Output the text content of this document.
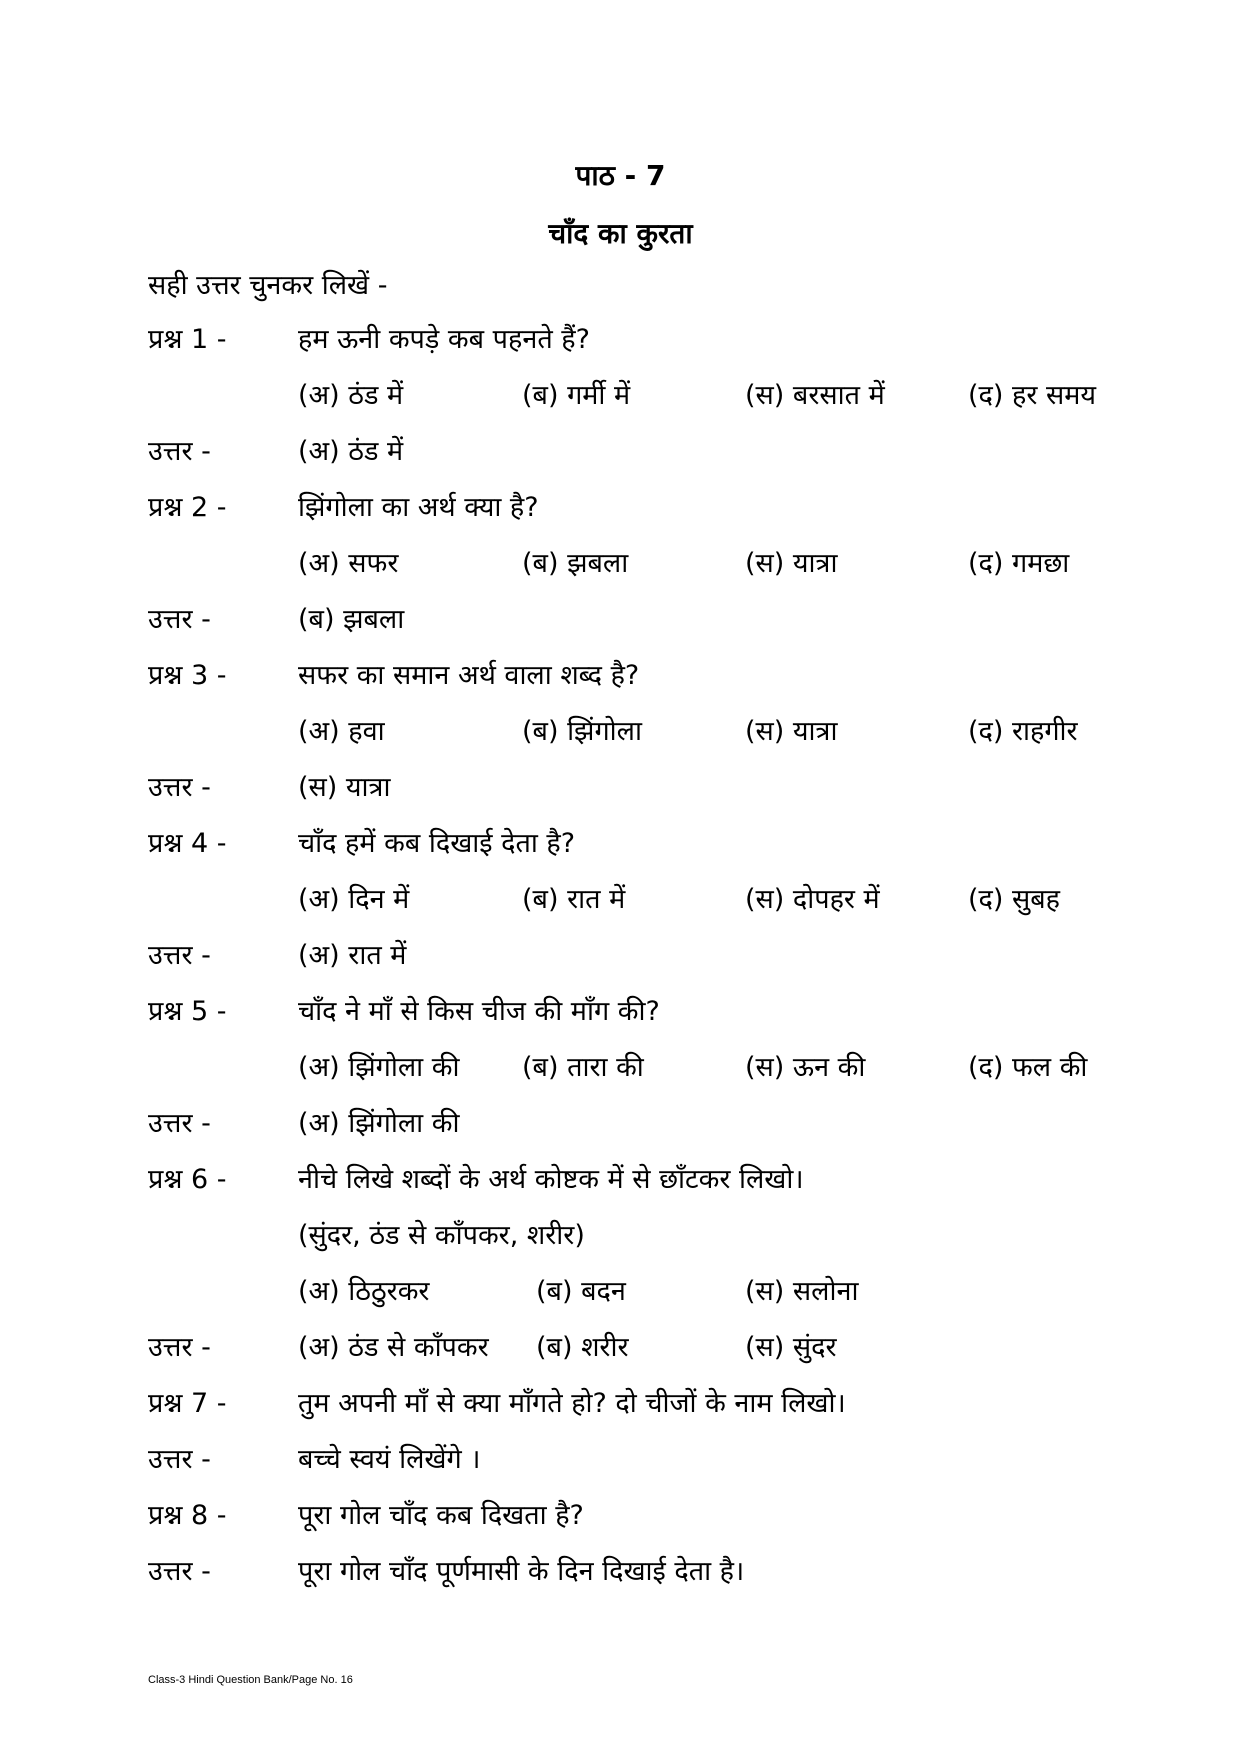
पाठ - 7
चाँद का कुरता
सही उत्तर चुनकर लिखें -
प्रश्न 1 -	हम ऊनी कपड़े कब पहनते हैं?
(अ) ठंड में	(ब) गर्मी में	(स) बरसात में	(द) हर समय
उत्तर -	(अ) ठंड में
प्रश्न 2 -	झिंगोला का अर्थ क्या है?
(अ) सफर	(ब) झबला	(स) यात्रा	(द) गमछा
उत्तर -	(ब) झबला
प्रश्न 3 -	सफर का समान अर्थ वाला शब्द है?
(अ) हवा	(ब) झिंगोला	(स) यात्रा	(द) राहगीर
उत्तर -	(स) यात्रा
प्रश्न 4 -	चाँद हमें कब दिखाई देता है?
(अ) दिन में	(ब) रात में	(स) दोपहर में	(द) सुबह
उत्तर -	(अ) रात में
प्रश्न 5 -	चाँद ने माँ से किस चीज की माँग की?
(अ) झिंगोला की (ब) तारा की	(स) ऊन की	(द) फल की
उत्तर -	(अ) झिंगोला की
प्रश्न 6 -	नीचे लिखे शब्दों के अर्थ कोष्टक में से छाँटकर लिखो।
(सुंदर, ठंड से काँपकर, शरीर)
(अ) ठिठुरकर	(ब) बदन	(स) सलोना
उत्तर -	(अ) ठंड से काँपकर (ब) शरीर	(स) सुंदर
प्रश्न 7 -	तुम अपनी माँ से क्या माँगते हो? दो चीजों के नाम लिखो।
उत्तर -	बच्चे स्वयं लिखेंगे ।
प्रश्न 8 -	पूरा गोल चाँद कब दिखता है?
उत्तर -	पूरा गोल चाँद पूर्णमासी के दिन दिखाई देता है।
Class-3 Hindi Question Bank/Page No. 16
